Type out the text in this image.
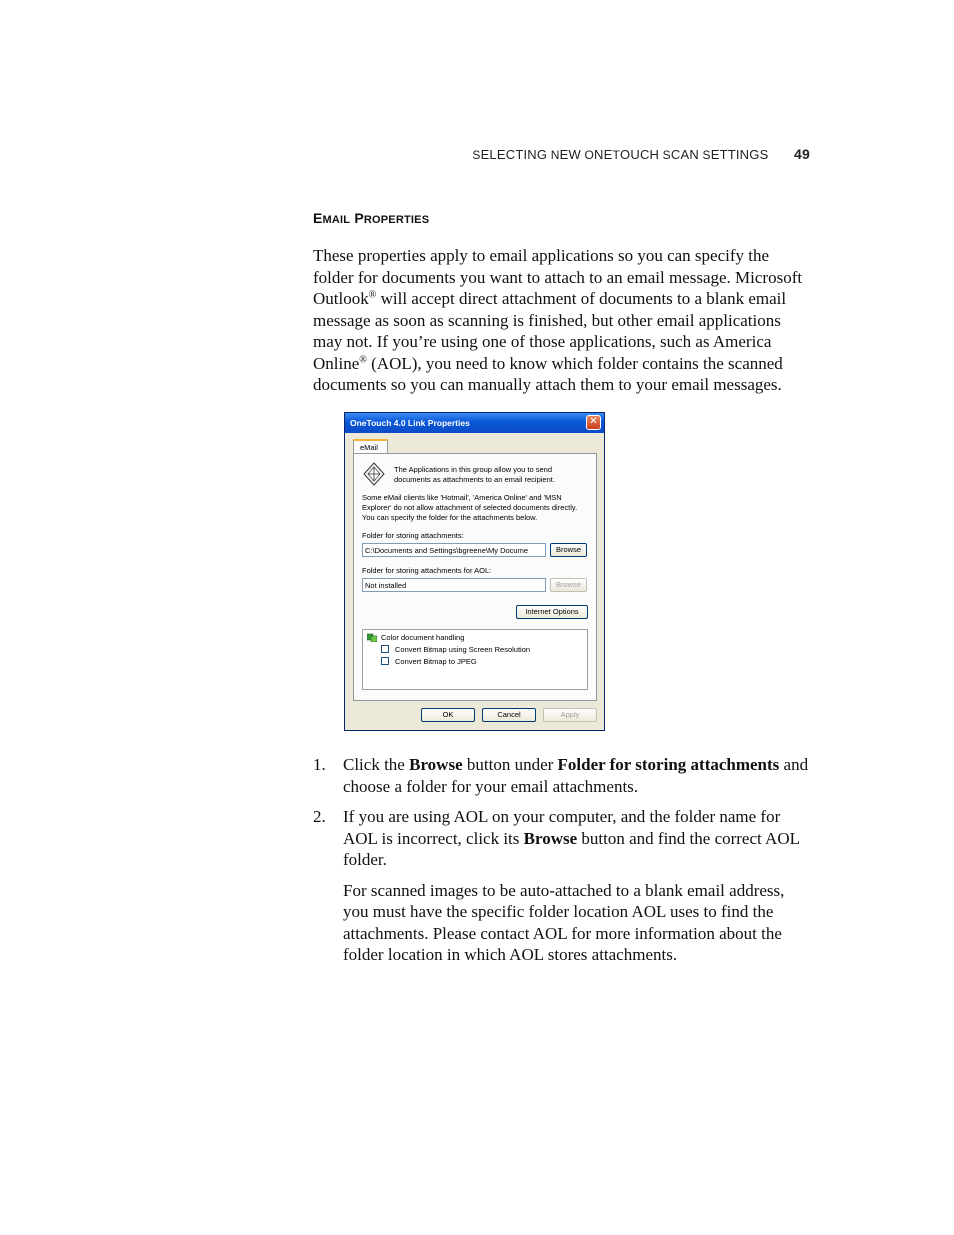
SELECTING NEW ONETOUCH SCAN SETTINGS 49
EMAIL PROPERTIES
These properties apply to email applications so you can specify the folder for documents you want to attach to an email message. Microsoft Outlook® will accept direct attachment of documents to a blank email message as soon as scanning is finished, but other email applications may not. If you’re using one of those applications, such as America Online® (AOL), you need to know which folder contains the scanned documents so you can manually attach them to your email messages.
OneTouch 4.0 Link Properties	✕
eMail
The Applications in this group allow you to send documents as attachments to an email recipient.
Some eMail clients like 'Hotmail', 'America Online' and 'MSN Explorer' do not allow attachment of selected documents directly. You can specify the folder for the attachments below.
Folder for storing attachments:
C:\Documents and Settings\bgreene\My Docume	Browse
Folder for storing attachments for AOL:
Not installed	Browse
Internet Options
Color document handling
Convert Bitmap using Screen Resolution
Convert Bitmap to JPEG
OK	Cancel	Apply
1. Click the Browse button under Folder for storing attachments and choose a folder for your email attachments.

2. If you are using AOL on your computer, and the folder name for AOL is incorrect, click its Browse button and find the correct AOL folder.

For scanned images to be auto-attached to a blank email address, you must have the specific folder location AOL uses to find the attachments. Please contact AOL for more information about the folder location in which AOL stores attachments.
